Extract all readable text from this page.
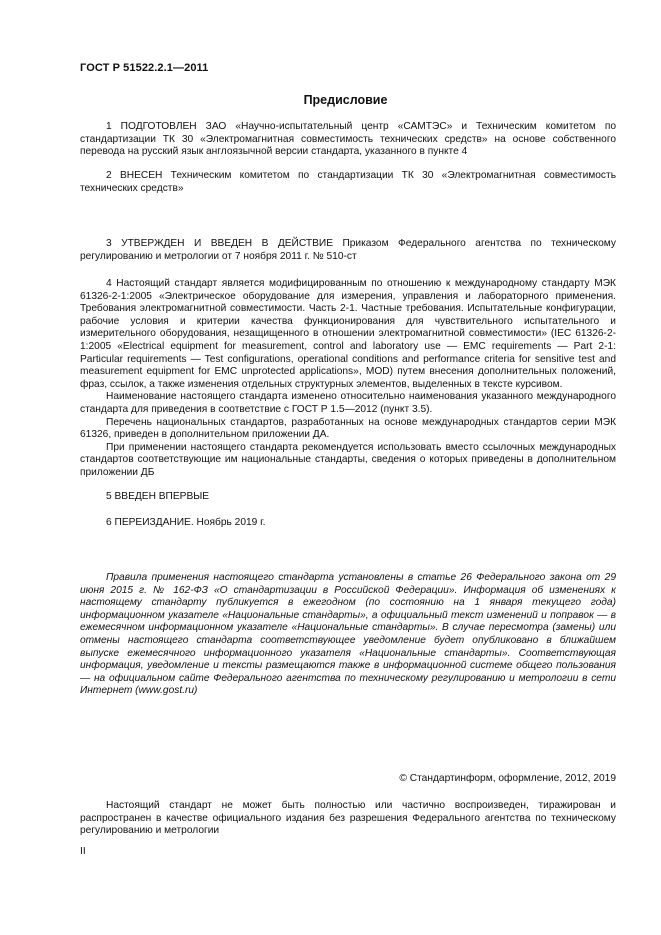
ГОСТ Р 51522.2.1—2011
Предисловие

1 ПОДГОТОВЛЕН ЗАО «Научно-испытательный центр «САМТЭС» и Техническим комитетом по стандартизации ТК 30 «Электромагнитная совместимость технических средств» на основе собственного перевода на русский язык англоязычной версии стандарта, указанного в пункте 4

2 ВНЕСЕН Техническим комитетом по стандартизации ТК 30 «Электромагнитная совместимость технических средств»

3 УТВЕРЖДЕН И ВВЕДЕН В ДЕЙСТВИЕ Приказом Федерального агентства по техническому регулированию и метрологии от 7 ноября 2011 г. № 510-ст

4 Настоящий стандарт является модифицированным по отношению к международному стандарту МЭК 61326-2-1:2005 «Электрическое оборудование для измерения, управления и лабораторного применения. Требования электромагнитной совместимости. Часть 2-1. Частные требования. Испытательные конфигурации, рабочие условия и критерии качества функционирования для чувствительного испытательного и измерительного оборудования, незащищенного в отношении электромагнитной совместимости» (IEC 61326-2-1:2005 «Electrical equipment for measurement, control and laboratory use — EMC requirements — Part 2-1: Particular requirements — Test configurations, operational conditions and performance criteria for sensitive test and measurement equipment for EMC unprotected applications», MOD) путем внесения дополнительных положений, фраз, ссылок, а также изменения отдельных структурных элементов, выделенных в тексте курсивом.

Наименование настоящего стандарта изменено относительно наименования указанного международного стандарта для приведения в соответствие с ГОСТ Р 1.5—2012 (пункт 3.5).

Перечень национальных стандартов, разработанных на основе международных стандартов серии МЭК 61326, приведен в дополнительном приложении ДА.

При применении настоящего стандарта рекомендуется использовать вместо ссылочных международных стандартов соответствующие им национальные стандарты, сведения о которых приведены в дополнительном приложении ДБ

5 ВВЕДЕН ВПЕРВЫЕ

6 ПЕРЕИЗДАНИЕ. Ноябрь 2019 г.

Правила применения настоящего стандарта установлены в статье 26 Федерального закона от 29 июня 2015 г. № 162-ФЗ «О стандартизации в Российской Федерации». Информация об изменениях к настоящему стандарту публикуется в ежегодном (по состоянию на 1 января текущего года) информационном указателе «Национальные стандарты», а официальный текст изменений и поправок — в ежемесячном информационном указателе «Национальные стандарты». В случае пересмотра (замены) или отмены настоящего стандарта соответствующее уведомление будет опубликовано в ближайшем выпуске ежемесячного информационного указателя «Национальные стандарты». Соответствующая информация, уведомление и тексты размещаются также в информационной системе общего пользования — на официальном сайте Федерального агентства по техническому регулированию и метрологии в сети Интернет (www.gost.ru)

© Стандартинформ, оформление, 2012, 2019

Настоящий стандарт не может быть полностью или частично воспроизведен, тиражирован и распространен в качестве официального издания без разрешения Федерального агентства по техническому регулированию и метрологии

II
